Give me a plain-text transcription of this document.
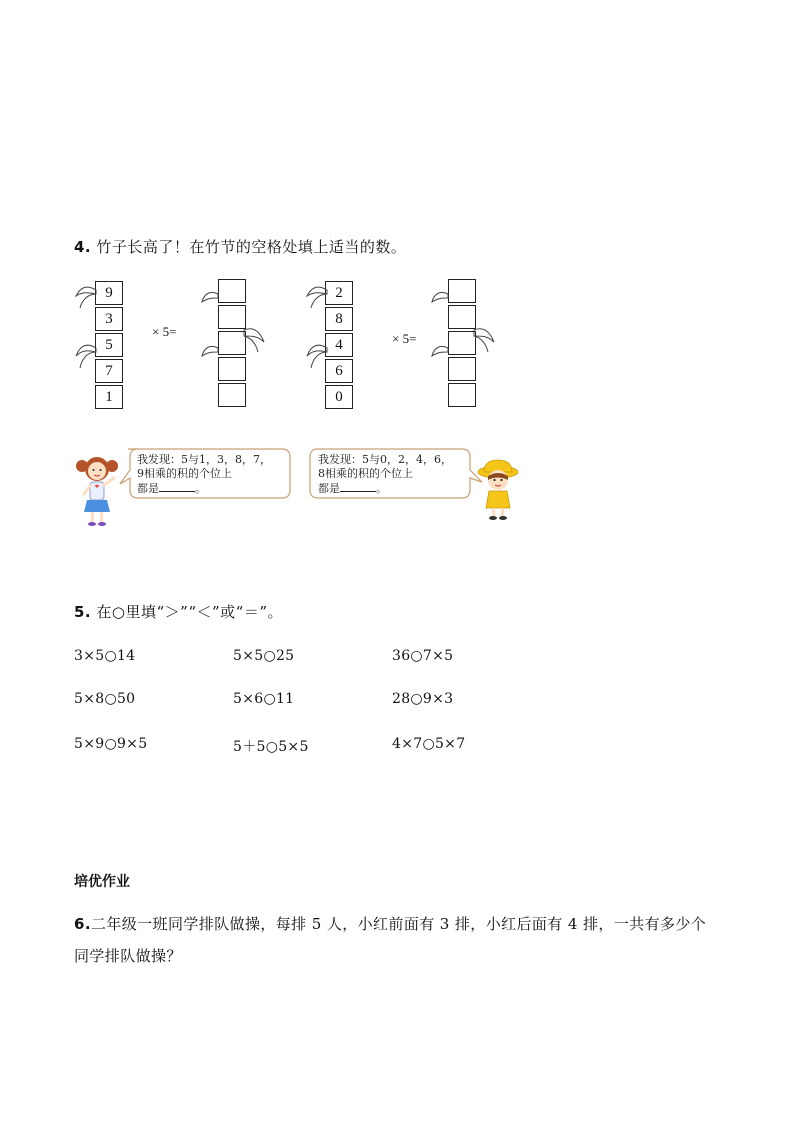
4. 竹子长高了！在竹节的空格处填上适当的数。
9
3
5
7
1
× 5=
2
8
4
6
0
× 5=
我发现：5与1，3，8，7，
9相乘的积的个位上
都是	。
我发现：5与0，2，4，6，
8相乘的积的个位上
都是	。
5. 在○里填“＞”“＜”或“＝”。
3×5○14	5×5○25	36○7×5
5×8○50	5×6○11	28○9×3
5×9○9×5	5＋5○5×5	4×7○5×7
培优作业
6.二年级一班同学排队做操，每排 5 人，小红前面有 3 排，小红后面有 4 排，一共有多少个
同学排队做操？
